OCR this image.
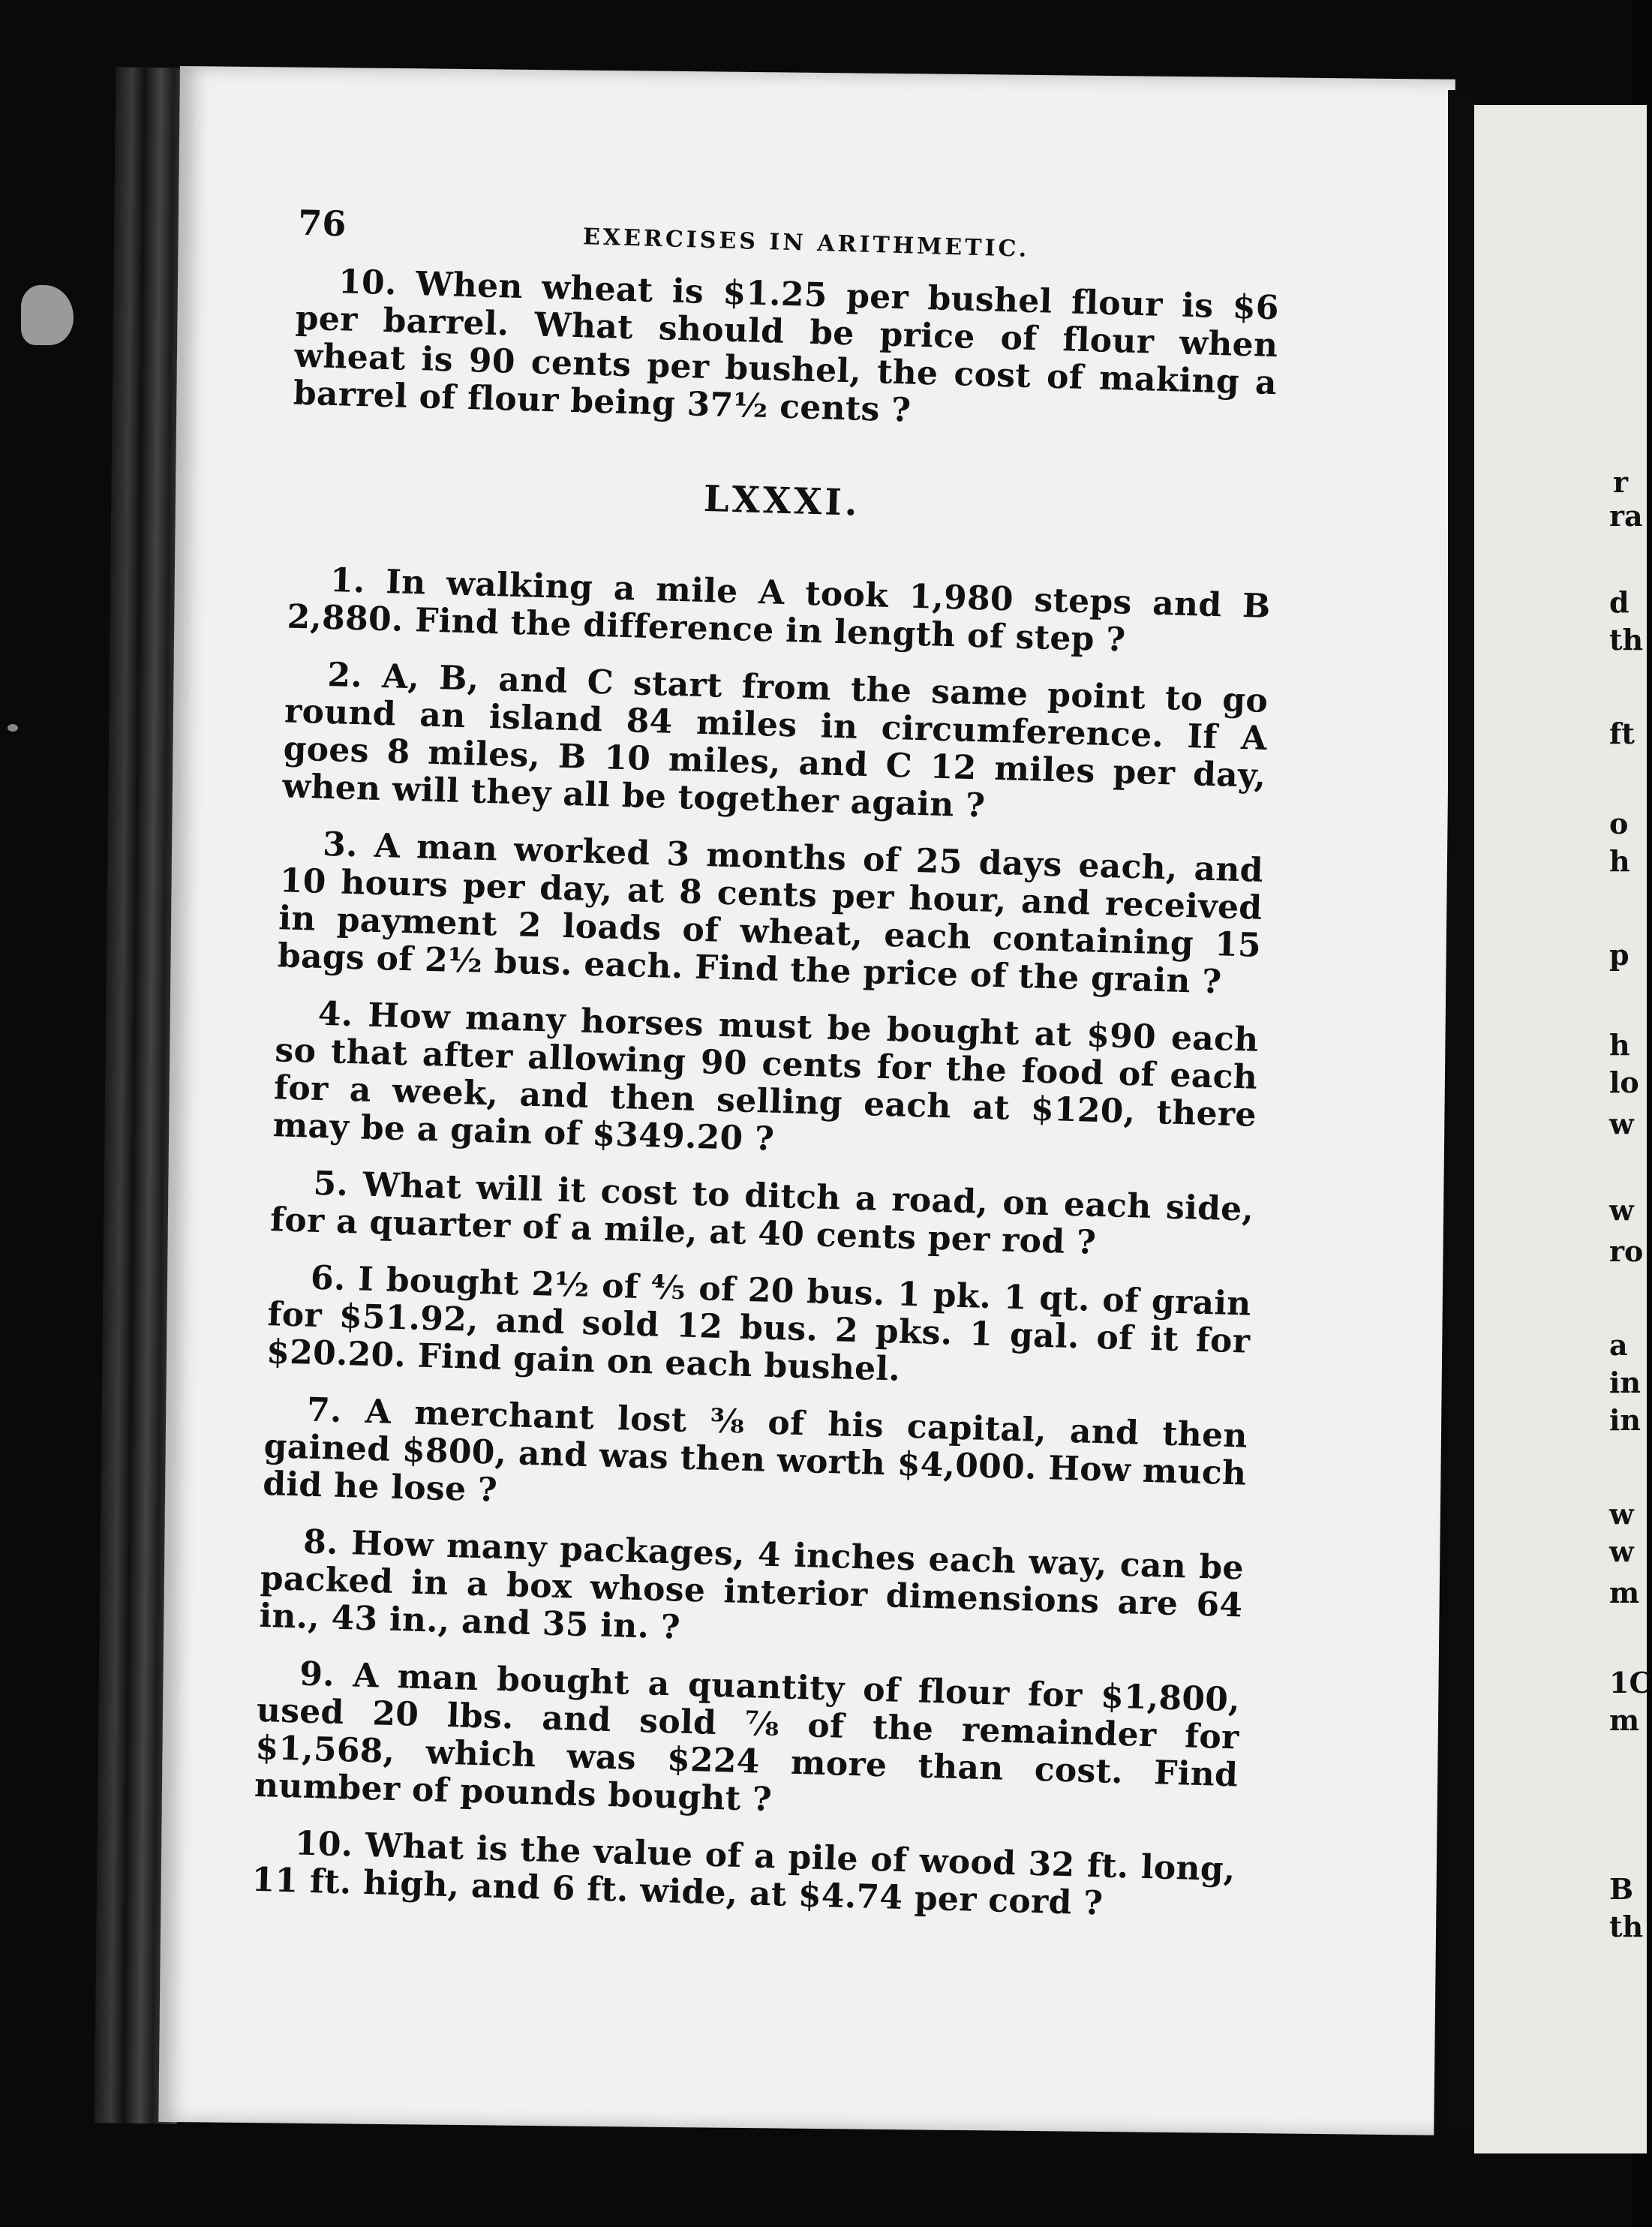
76	EXERCISES IN ARITHMETIC.

10. When wheat is $1.25 per bushel flour is $6 per barrel. What should be price of flour when wheat is 90 cents per bushel, the cost of making a barrel of flour being 37½ cents ?

LXXXI.

1. In walking a mile A took 1,980 steps and B 2,880. Find the difference in length of step ?

2. A, B, and C start from the same point to go round an island 84 miles in circumference. If A goes 8 miles, B 10 miles, and C 12 miles per day, when will they all be together again ?

3. A man worked 3 months of 25 days each, and 10 hours per day, at 8 cents per hour, and received in payment 2 loads of wheat, each containing 15 bags of 2½ bus. each. Find the price of the grain ?

4. How many horses must be bought at $90 each so that after allowing 90 cents for the food of each for a week, and then selling each at $120, there may be a gain of $349.20 ?

5. What will it cost to ditch a road, on each side, for a quarter of a mile, at 40 cents per rod ?

6. I bought 2½ of ⅘ of 20 bus. 1 pk. 1 qt. of grain for $51.92, and sold 12 bus. 2 pks. 1 gal. of it for $20.20. Find gain on each bushel.

7. A merchant lost ⅜ of his capital, and then gained $800, and was then worth $4,000. How much did he lose ?

8. How many packages, 4 inches each way, can be packed in a box whose interior dimensions are 64 in., 43 in., and 35 in. ?

9. A man bought a quantity of flour for $1,800, used 20 lbs. and sold ⅞ of the remainder for $1,568, which was $224 more than cost. Find number of pounds bought ?

10. What is the value of a pile of wood 32 ft. long, 11 ft. high, and 6 ft. wide, at $4.74 per cord ?

r
ra
d
th
ft
o
h
p
h
lo
w
w
ro
a
in
in
w
w
m
1C
m
B
th
